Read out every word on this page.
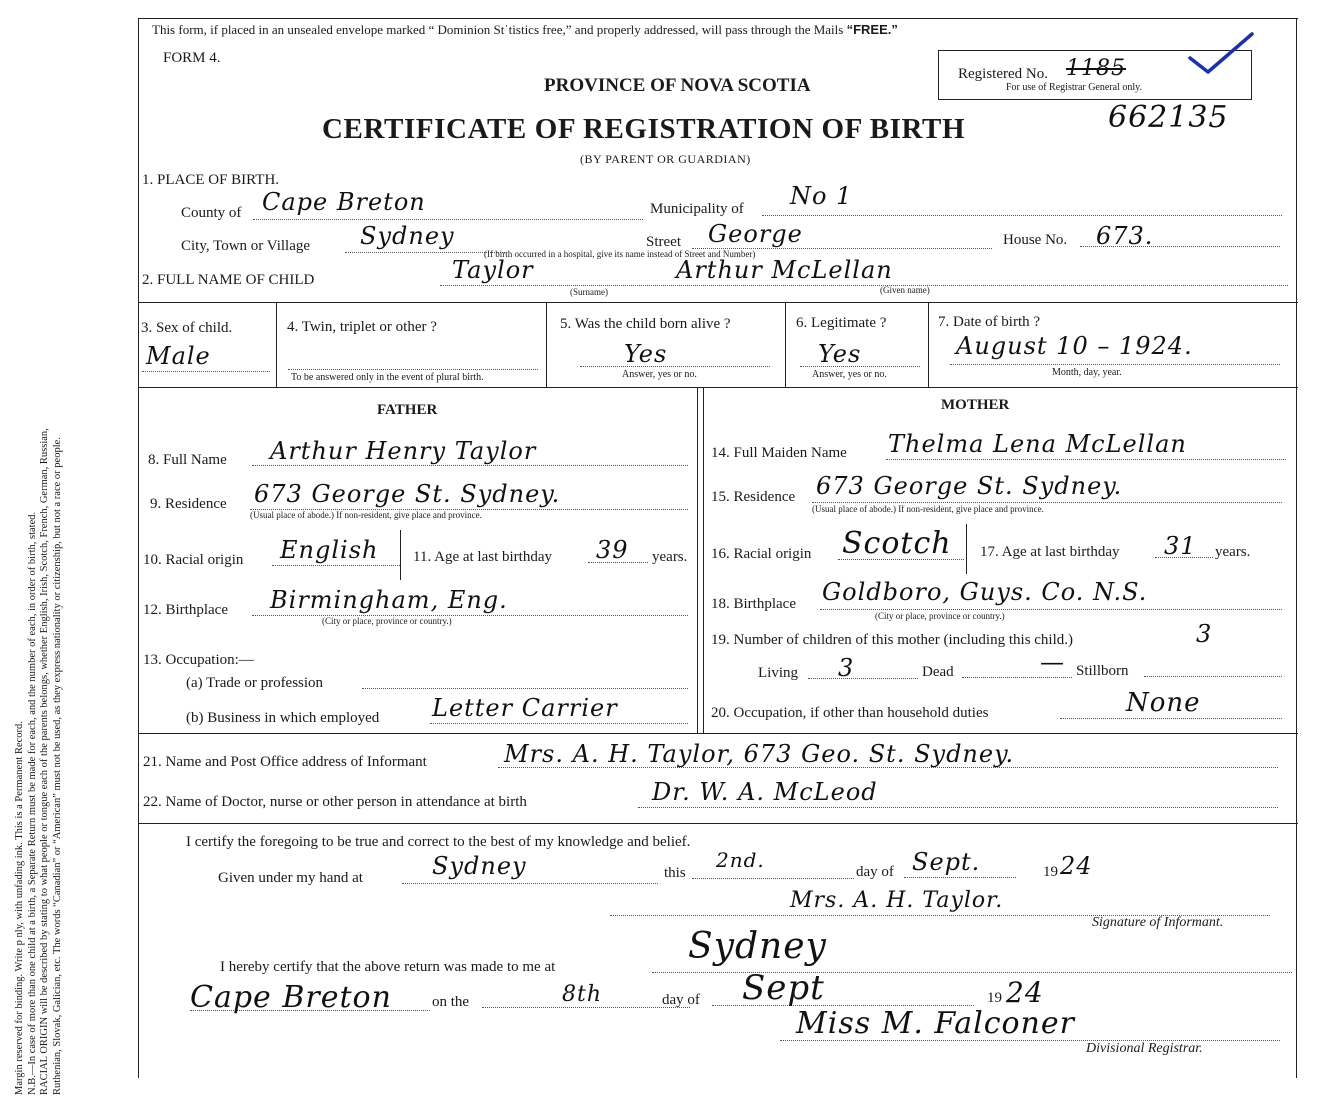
Margin reserved for binding. Write p nly, with unfading ink. This is a Permanent Record. N.B.—In case of more than one child at a birth, a Separate Return must be made for each, and the number of each, in order of birth, stated. RACIAL ORIGIN will be described by stating to what people or tongue each of the parents belongs, whether English, Irish, Scotch, French, German, Russian, Ruthenian, Slovak, Galician, etc. The words “Canadian” or “American” must not be used, as they express nationality or citizenship, but not a race or people.
This form, if placed in an unsealed envelope marked “ Dominion Stˈtistics free,” and properly addressed, will pass through the Mails “FREE.”
FORM 4.
PROVINCE OF NOVA SCOTIA
CERTIFICATE OF REGISTRATION OF BIRTH
(BY PARENT OR GUARDIAN)
Registered No. 1185
For use of Registrar General only.
662135
1. PLACE OF BIRTH.
County of Cape Breton	Municipality of No 1
City, Town or Village Sydney
(If birth occurred in a hospital, give its name instead of Street and Number)
Street George	House No. 673.
2. FULL NAME OF CHILD	Taylor	Arthur McLellan
(Surname)	(Given name)
3. Sex of child.
Male
4. Twin, triplet or other ?
To be answered only in the event of plural birth.
5. Was the child born alive ?
Yes
Answer, yes or no.
6. Legitimate ?
Yes
Answer, yes or no.
7. Date of birth ?
August 10 – 1924.
Month, day, year.
FATHER	MOTHER
8. Full Name Arthur Henry Taylor
9. Residence 673 George St. Sydney.
(Usual place of abode.) If non-resident, give place and province.
10. Racial origin English 11. Age at last birthday 39 years.
12. Birthplace Birmingham, Eng.
(City or place, province or country.)
13. Occupation:—
(a) Trade or profession
(b) Business in which employed Letter Carrier
14. Full Maiden Name Thelma Lena McLellan
15. Residence 673 George St. Sydney.
(Usual place of abode.) If non-resident, give place and province.
16. Racial origin Scotch 17. Age at last birthday 31 years.
18. Birthplace Goldboro, Guys. Co. N.S.
(City or place, province or country.)
19. Number of children of this mother (including this child.)	3
Living 3	Dead	— Stillborn
20. Occupation, if other than household duties	None
21. Name and Post Office address of Informant	Mrs. A. H. Taylor, 673 Geo. St. Sydney.
22. Name of Doctor, nurse or other person in attendance at birth	Dr. W. A. McLeod
I certify the foregoing to be true and correct to the best of my knowledge and belief.
Given under my hand at	Sydney	this
2nd.	day of Sept.	19 24
Mrs. A. H. Taylor.
Signature of Informant.
I hereby certify that the above return was made to me at	Sydney
Cape Breton	on the	8th	day of Sept	19 24
Miss M. Falconer
Divisional Registrar.
